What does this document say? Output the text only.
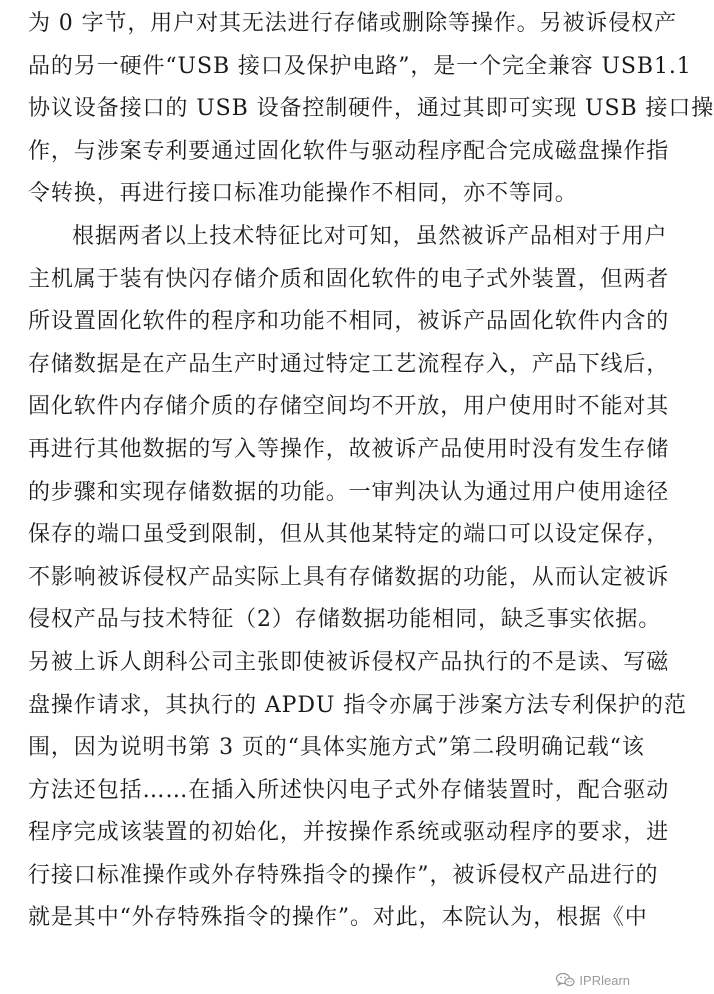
为 0 字节，用户对其无法进行存储或删除等操作。另被诉侵权产
品的另一硬件“USB 接口及保护电路”，是一个完全兼容 USB1.1
协议设备接口的 USB 设备控制硬件，通过其即可实现 USB 接口操
作，与涉案专利要通过固化软件与驱动程序配合完成磁盘操作指
令转换，再进行接口标准功能操作不相同，亦不等同。
根据两者以上技术特征比对可知，虽然被诉产品相对于用户
主机属于装有快闪存储介质和固化软件的电子式外装置，但两者
所设置固化软件的程序和功能不相同，被诉产品固化软件内含的
存储数据是在产品生产时通过特定工艺流程存入，产品下线后，
固化软件内存储介质的存储空间均不开放，用户使用时不能对其
再进行其他数据的写入等操作，故被诉产品使用时没有发生存储
的步骤和实现存储数据的功能。一审判决认为通过用户使用途径
保存的端口虽受到限制，但从其他某特定的端口可以设定保存，
不影响被诉侵权产品实际上具有存储数据的功能，从而认定被诉
侵权产品与技术特征（2）存储数据功能相同，缺乏事实依据。
另被上诉人朗科公司主张即使被诉侵权产品执行的不是读、写磁
盘操作请求，其执行的 APDU 指令亦属于涉案方法专利保护的范
围，因为说明书第 3 页的“具体实施方式”第二段明确记载“该
方法还包括……在插入所述快闪电子式外存储装置时，配合驱动
程序完成该装置的初始化，并按操作系统或驱动程序的要求，进
行接口标准操作或外存特殊指令的操作”，被诉侵权产品进行的
就是其中“外存特殊指令的操作”。对此，本院认为，根据《中
IPRlearn
